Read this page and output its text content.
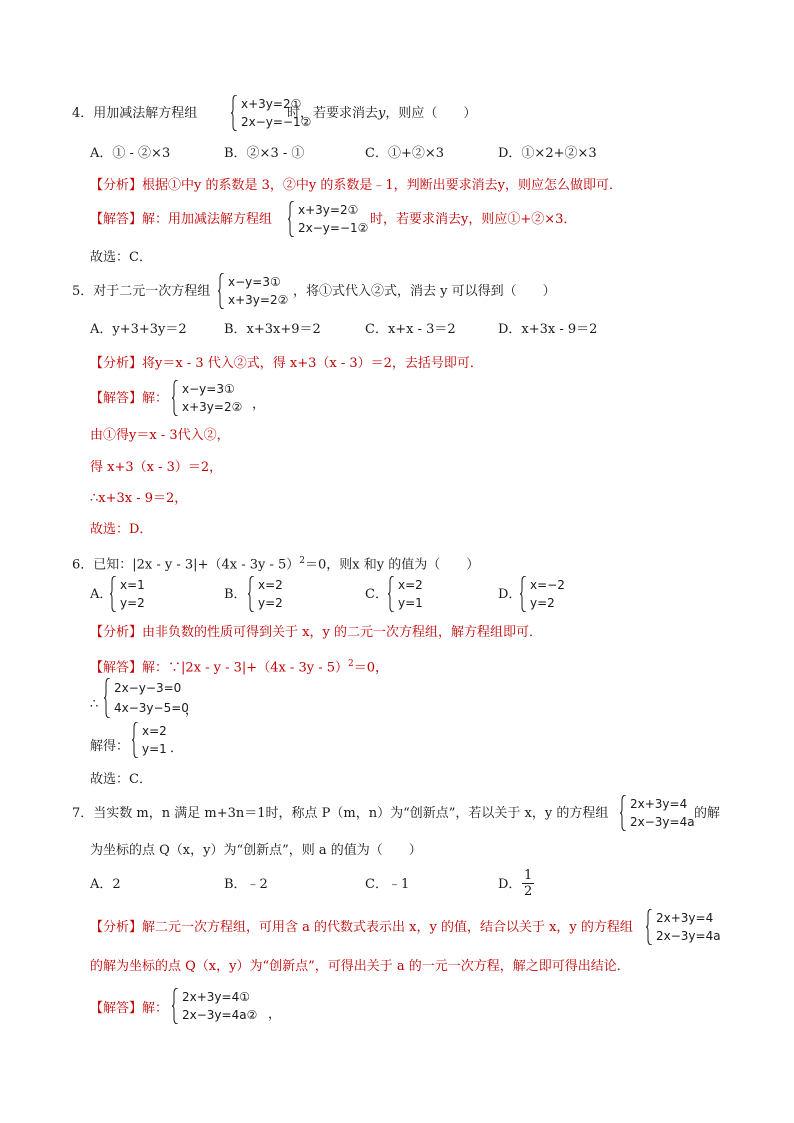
4．用加减法解方程组
x+3y=2①
2x−y=−1②
时，若要求消去y，则应（　　）
A．① - ②×3	B．②×3 - ①	C．①+②×3	D．①×2+②×3
【分析】根据①中y 的系数是 3，②中y 的系数是﹣1，判断出要求消去y，则应怎么做即可．
【解答】解：用加减法解方程组
x+3y=2①
2x−y=−1②
时，若要求消去y，则应①+②×3．
故选：C．
5．对于二元一次方程组
x−y=3①
x+3y=2②
，将①式代入②式，消去 y 可以得到（　　）
A．y+3+3y＝2	B．x+3x+9＝2	C．x+x - 3＝2	D．x+3x - 9＝2
【分析】将y＝x - 3 代入②式，得 x+3（x - 3）＝2，去括号即可．
【解答】解：
x−y=3①
x+3y=2② ，
由①得y＝x - 3代入②，
得 x+3（x - 3）＝2，
∴x+3x - 9＝2，
故选：D．
6．已知：|2x - y - 3|+（4x - 3y - 5）$^2$＝0，则x 和y 的值为（　　）
A．
x=1
y=2
B．
x=2
y=2
C．
x=2
y=1
D．
x=−2
y=2
【分析】由非负数的性质可得到关于 x，y 的二元一次方程组，解方程组即可．
【解答】解：∵|2x - y - 3|+（4x - 3y - 5）$^2$＝0，
∴
2x−y−3=0
4x−3y−5=0
，
解得：
x=2
y=1 ．
故选：C．
7．当实数 m，n 满足 m+3n＝1时，称点 P（m，n）为“创新点”，若以关于 x，y 的方程组
2x+3y=4
2x−3y=4a
的解
为坐标的点 Q（x，y）为“创新点”，则 a 的值为（　　）
A．2	B．﹣2	C．﹣1	D． $\frac{1}{2}$
【分析】解二元一次方程组，可用含 a 的代数式表示出 x，y 的值，结合以关于 x，y 的方程组
2x+3y=4
2x−3y=4a
的解为坐标的点 Q（x，y）为“创新点”，可得出关于 a 的一元一次方程，解之即可得出结论．
【解答】解：
2x+3y=4①
2x−3y=4a② ，
